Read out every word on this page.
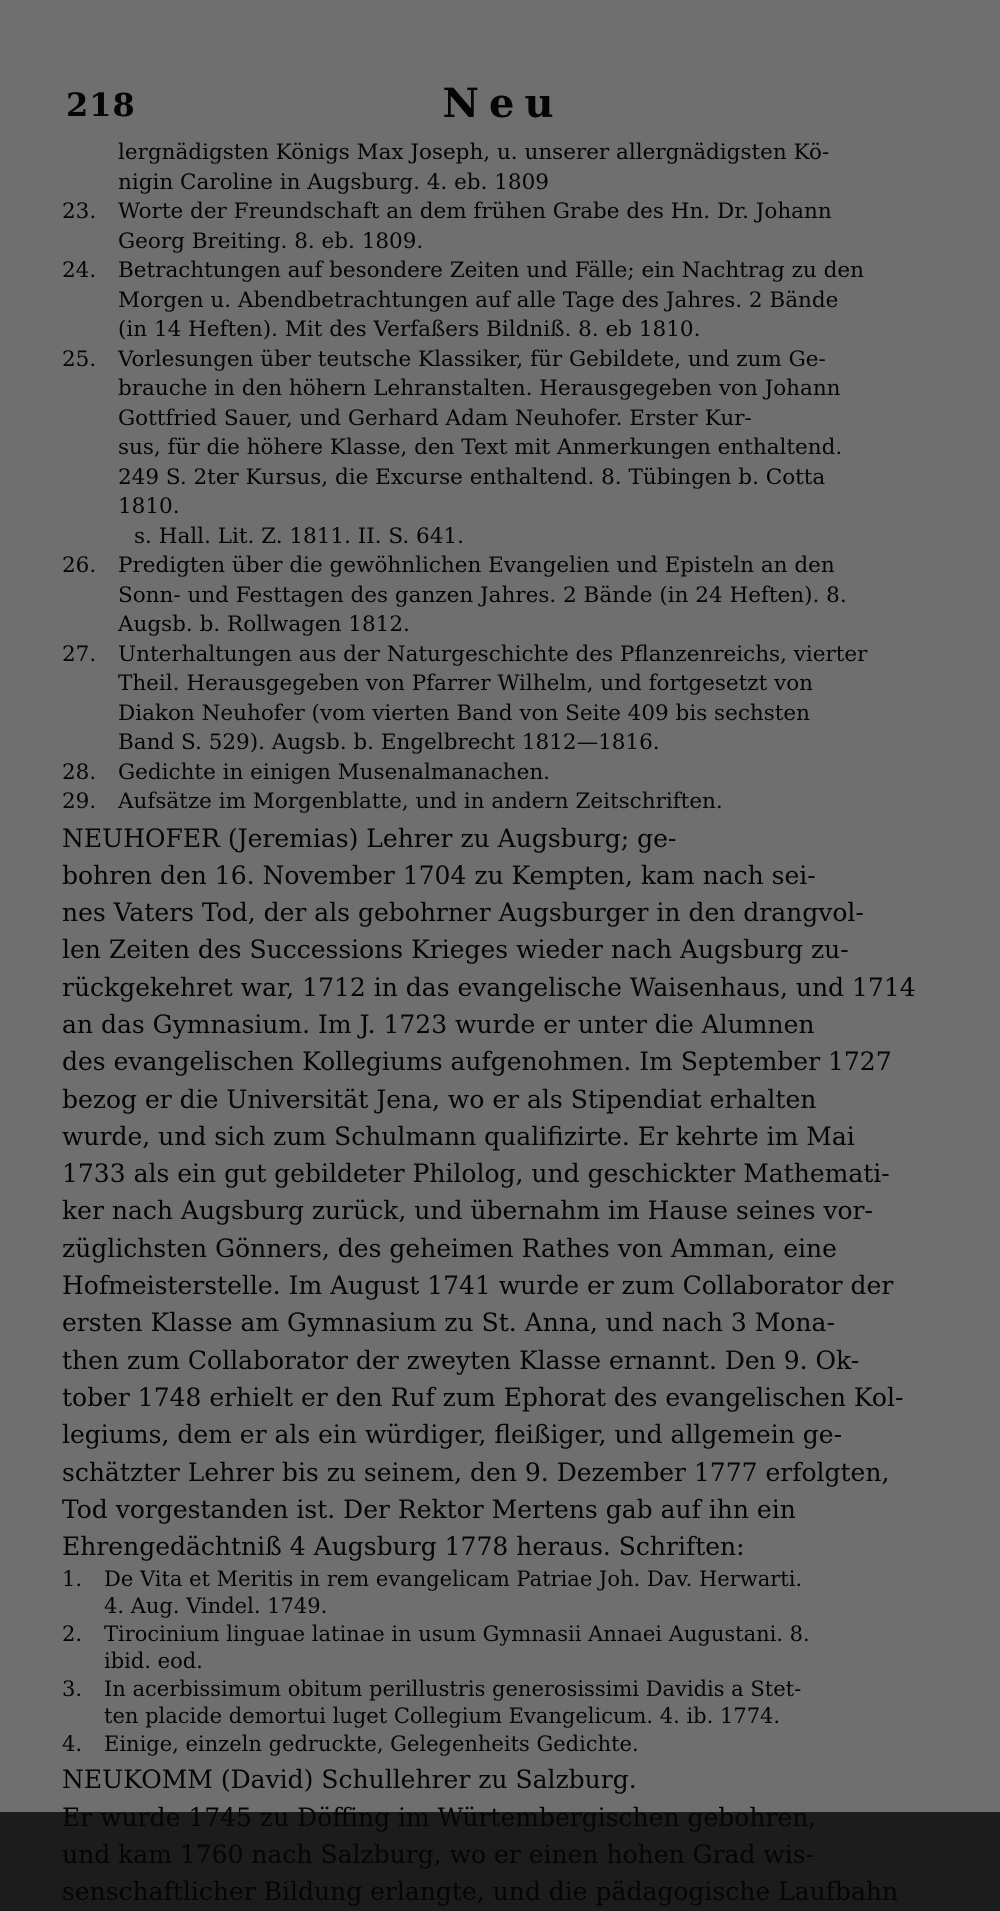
218	Neu
lergnädigsten Königs Max Joseph, u. unserer allergnädigsten Kö-
nigin Caroline in Augsburg. 4. eb. 1809
23. Worte der Freundschaft an dem frühen Grabe des Hn. Dr. Johann
Georg Breiting. 8. eb. 1809.
24. Betrachtungen auf besondere Zeiten und Fälle; ein Nachtrag zu den
Morgen u. Abendbetrachtungen auf alle Tage des Jahres. 2 Bände
(in 14 Heften). Mit des Verfaßers Bildniß. 8. eb 1810.
25. Vorlesungen über teutsche Klassiker, für Gebildete, und zum Ge-
brauche in den höhern Lehranstalten. Herausgegeben von Johann
Gottfried Sauer, und Gerhard Adam Neuhofer. Erster Kur-
sus, für die höhere Klasse, den Text mit Anmerkungen enthaltend.
249 S. 2ter Kursus, die Excurse enthaltend. 8. Tübingen b. Cotta
1810.
s. Hall. Lit. Z. 1811. II. S. 641.
26. Predigten über die gewöhnlichen Evangelien und Episteln an den
Sonn- und Festtagen des ganzen Jahres. 2 Bände (in 24 Heften). 8.
Augsb. b. Rollwagen 1812.
27. Unterhaltungen aus der Naturgeschichte des Pflanzenreichs, vierter
Theil. Herausgegeben von Pfarrer Wilhelm, und fortgesetzt von
Diakon Neuhofer (vom vierten Band von Seite 409 bis sechsten
Band S. 529). Augsb. b. Engelbrecht 1812—1816.
28. Gedichte in einigen Musenalmanachen.
29. Aufsätze im Morgenblatte, und in andern Zeitschriften.
NEUHOFER (Jeremias) Lehrer zu Augsburg; ge-
bohren den 16. November 1704 zu Kempten, kam nach sei-
nes Vaters Tod, der als gebohrner Augsburger in den drangvol-
len Zeiten des Successions Krieges wieder nach Augsburg zu-
rückgekehret war, 1712 in das evangelische Waisenhaus, und 1714
an das Gymnasium. Im J. 1723 wurde er unter die Alumnen
des evangelischen Kollegiums aufgenohmen. Im September 1727
bezog er die Universität Jena, wo er als Stipendiat erhalten
wurde, und sich zum Schulmann qualifizirte. Er kehrte im Mai
1733 als ein gut gebildeter Philolog, und geschickter Mathemati-
ker nach Augsburg zurück, und übernahm im Hause seines vor-
züglichsten Gönners, des geheimen Rathes von Amman, eine
Hofmeisterstelle. Im August 1741 wurde er zum Collaborator der
ersten Klasse am Gymnasium zu St. Anna, und nach 3 Mona-
then zum Collaborator der zweyten Klasse ernannt. Den 9. Ok-
tober 1748 erhielt er den Ruf zum Ephorat des evangelischen Kol-
legiums, dem er als ein würdiger, fleißiger, und allgemein ge-
schätzter Lehrer bis zu seinem, den 9. Dezember 1777 erfolgten,
Tod vorgestanden ist. Der Rektor Mertens gab auf ihn ein
Ehrengedächtniß 4 Augsburg 1778 heraus. Schriften:
1. De Vita et Meritis in rem evangelicam Patriae Joh. Dav. Herwarti.
4. Aug. Vindel. 1749.
2. Tirocinium linguae latinae in usum Gymnasii Annaei Augustani. 8.
ibid. eod.
3. In acerbissimum obitum perillustris generosissimi Davidis a Stet-
ten placide demortui luget Collegium Evangelicum. 4. ib. 1774.
4. Einige, einzeln gedruckte, Gelegenheits Gedichte.
NEUKOMM (David) Schullehrer zu Salzburg.
Er wurde 1745 zu Döffing im Würtembergischen gebohren,
und kam 1760 nach Salzburg, wo er einen hohen Grad wis-
senschaftlicher Bildung erlangte, und die pädagogische Laufbahn
